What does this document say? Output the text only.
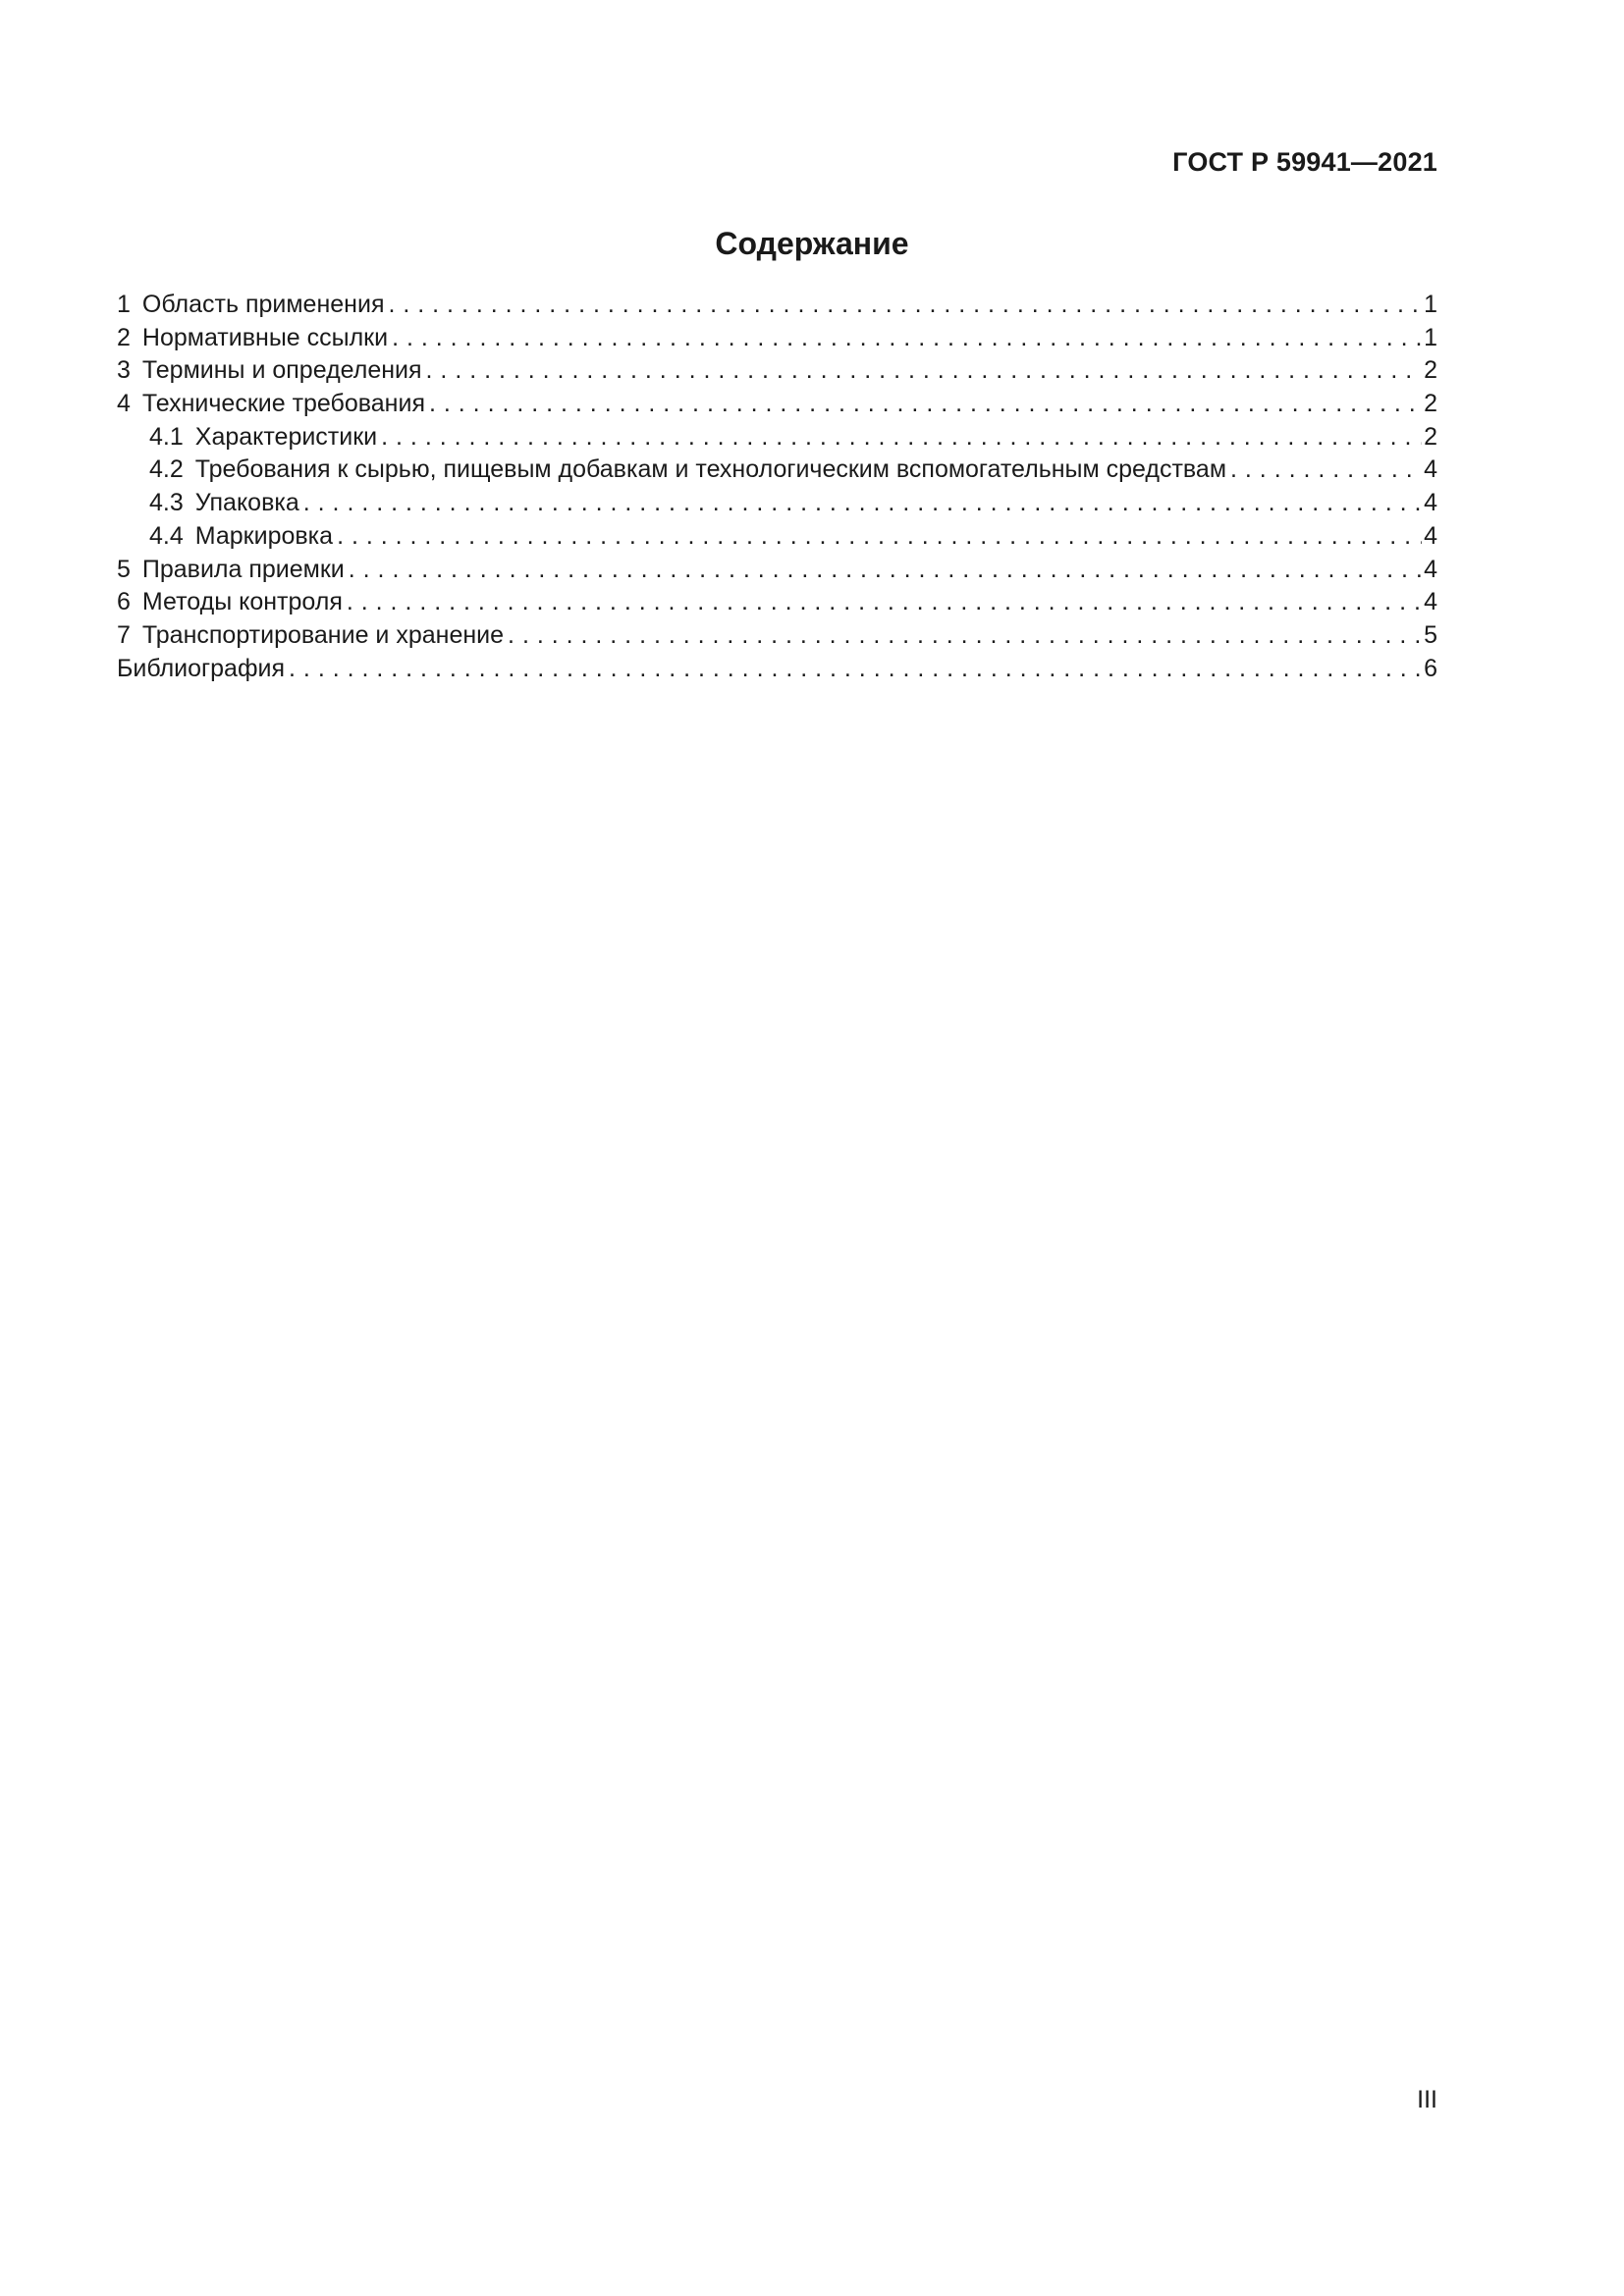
ГОСТ Р 59941—2021
Содержание
1 Область применения . . .	1
2 Нормативные ссылки . . .	1
3 Термины и определения . . .	2
4 Технические требования . . .	2
4.1 Характеристики . . .	2
4.2 Требования к сырью, пищевым добавкам и технологическим вспомогательным средствам . . .	4
4.3 Упаковка . . .	4
4.4 Маркировка . . .	4
5 Правила приемки . . .	4
6 Методы контроля . . .	4
7 Транспортирование и хранение . . .	5
Библиография . . .	6
III
